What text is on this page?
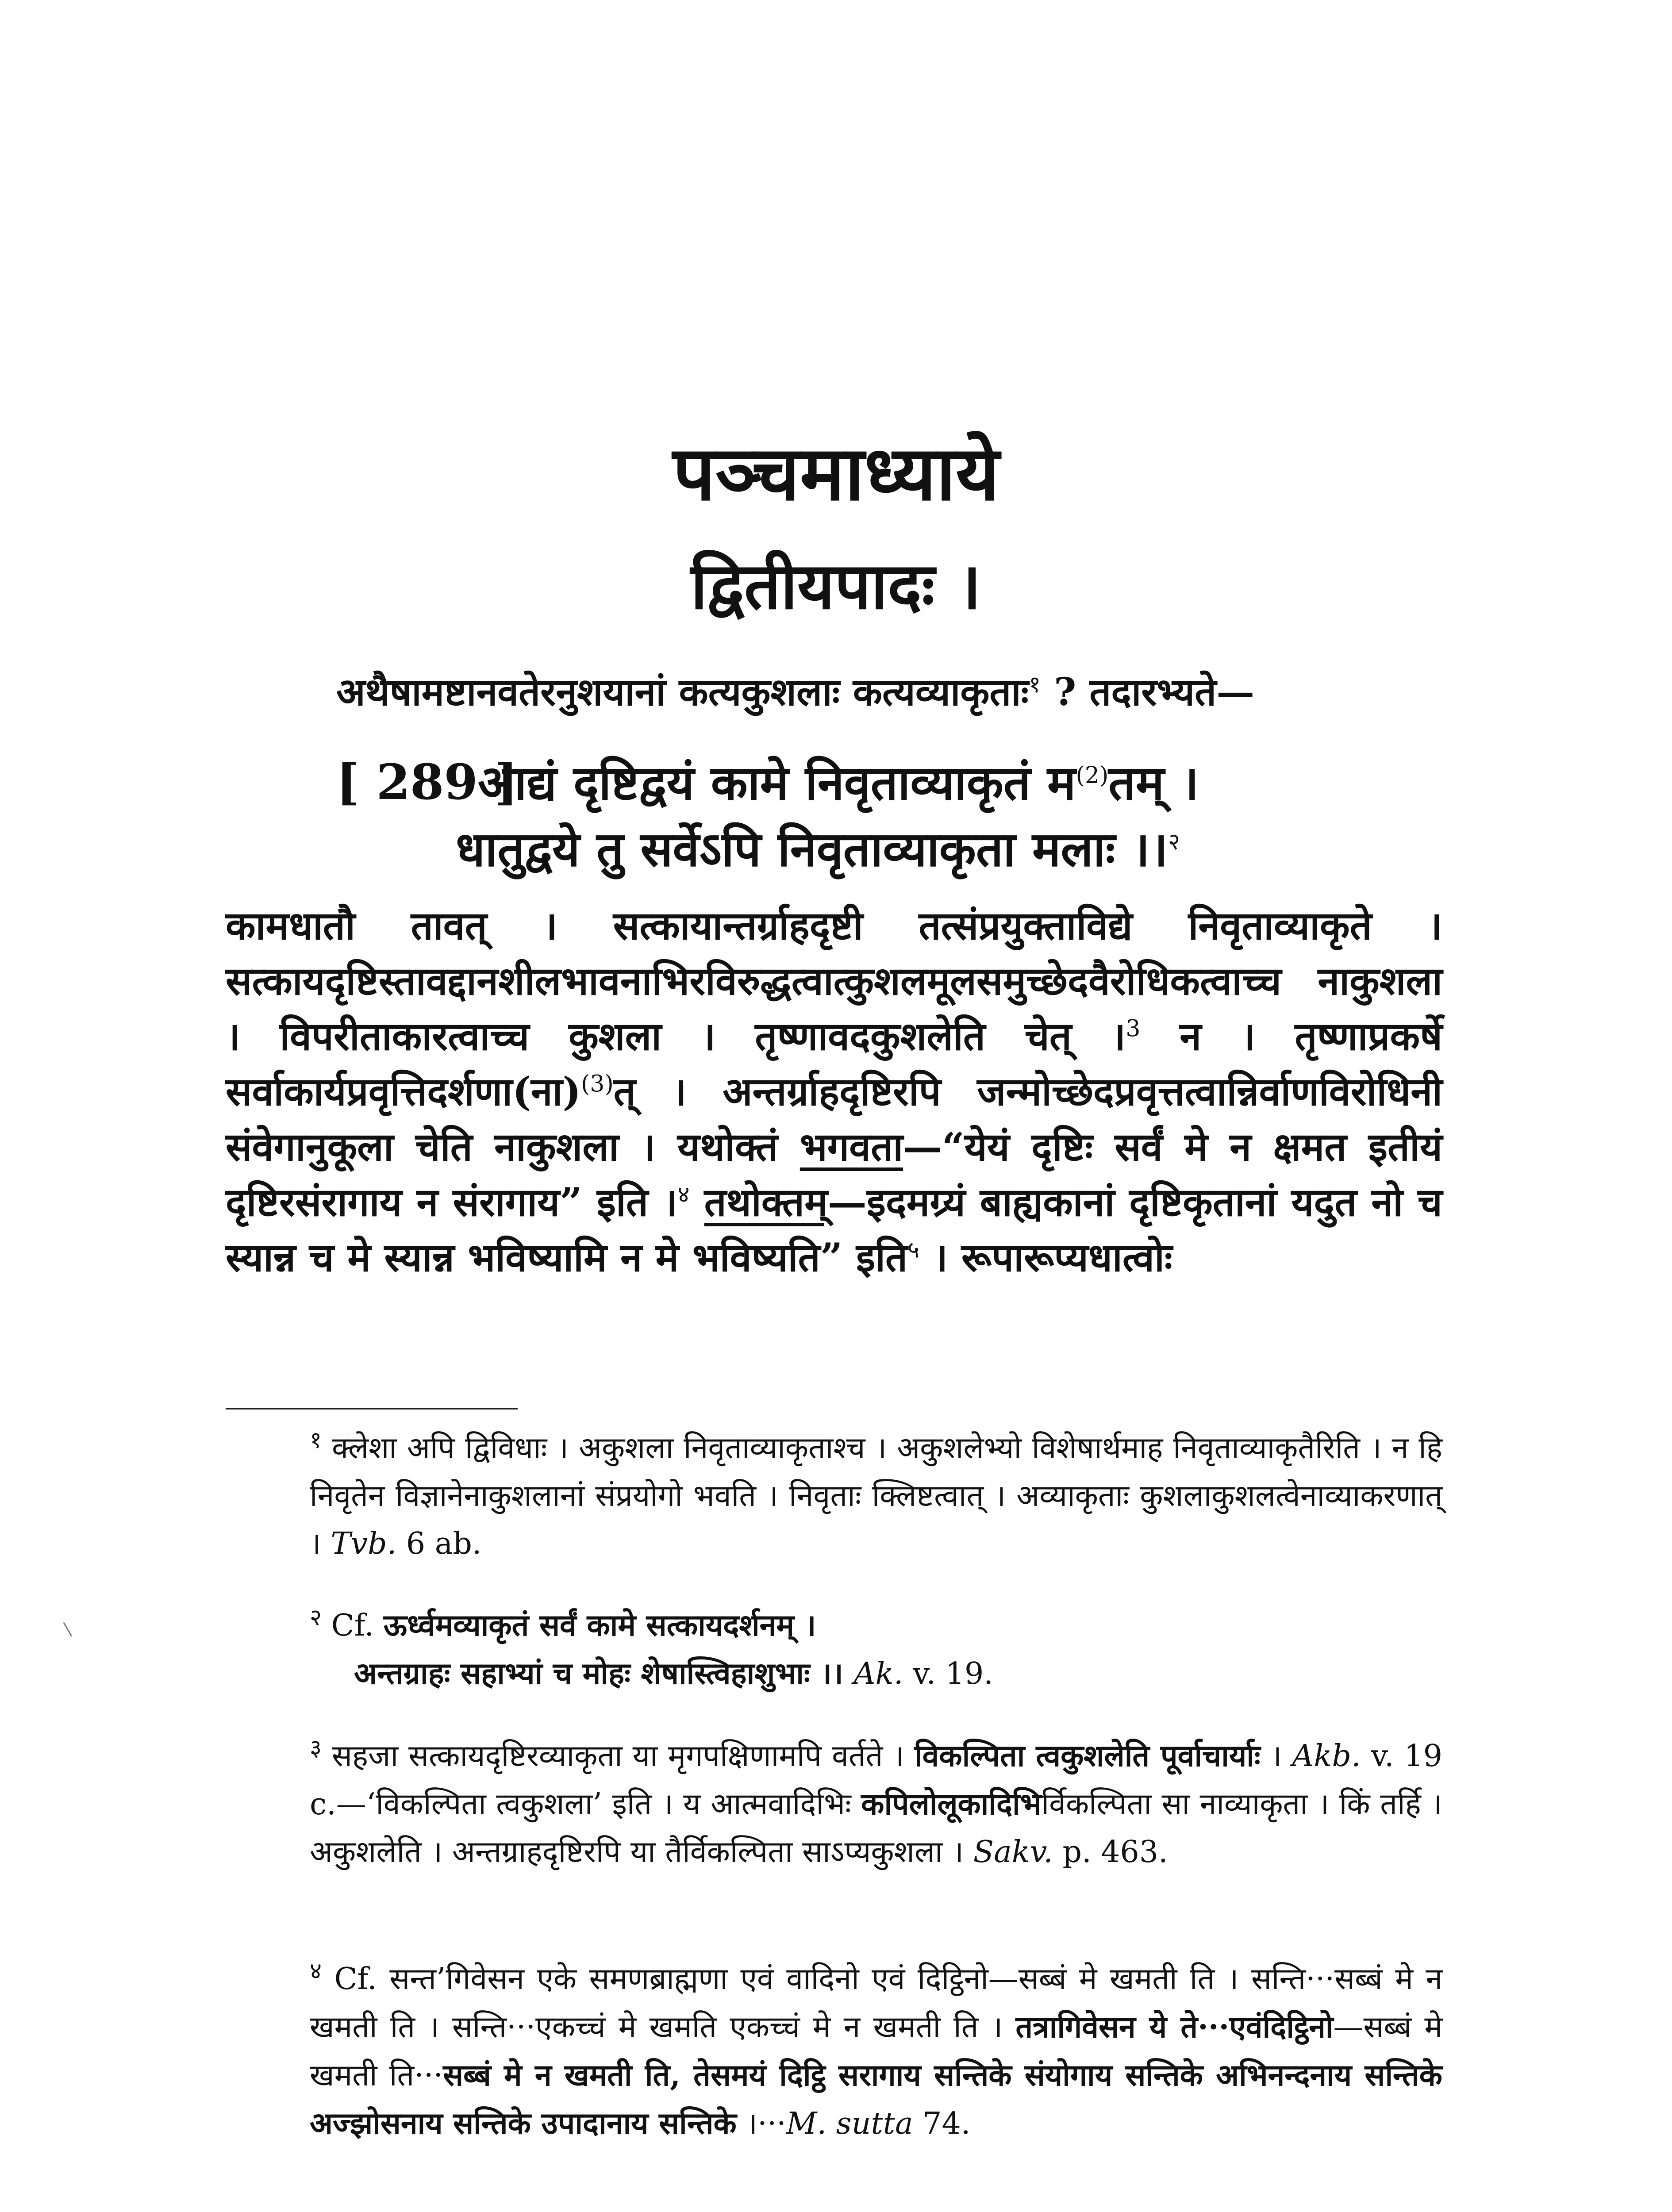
पञ्चमाध्याये
द्वितीयपादः ।
अथैषामष्टानवतेरनुशयानां कत्यकुशलाः कत्यव्याकृताः$^१$ ? तदारभ्यते—
[ 289 ]
आद्यं दृष्टिद्वयं कामे निवृताव्याकृतं म$^{(2)}$तम् ।
धातुद्वये तु सर्वेऽपि निवृताव्याकृता मलाः ।।$^२$

कामधातौ तावत् । सत्कायान्तर्ग्राहदृष्टी तत्संप्रयुक्ताविद्ये निवृताव्याकृते । सत्कायदृष्टिस्तावद्दानशीलभावनाभिरविरुद्धत्वात्कुशलमूलसमुच्छेदवैरोधिकत्वाच्च नाकुशला । विपरीताकारत्वाच्च कुशला । तृष्णावदकुशलेति चेत् ।$^3$ न । तृष्णाप्रकर्षे सर्वाकार्यप्रवृत्तिदर्शणा(ना)$^{(3)}$त् । अन्तर्ग्राहदृष्टिरपि जन्मोच्छेदप्रवृत्तत्वान्निर्वाणविरोधिनी संवेगानुकूला चेति नाकुशला । यथोक्तं भगवता—“येयं दृष्टिः सर्वं मे न क्षमत इतीयं दृष्टिरसंरागाय न संरागाय” इति ।$^४$ तथोक्तम्—इदमग्र्यं बाह्यकानां दृष्टिकृतानां यदुत नो च स्यान्न च मे स्यान्न भविष्यामि न मे भविष्यति” इति$^५$ । रूपारूप्यधात्वोः

$^१$ क्लेशा अपि द्विविधाः । अकुशला निवृताव्याकृताश्च । अकुशलेभ्यो विशेषार्थमाह निवृताव्याकृतैरिति । न हि निवृतेन विज्ञानेनाकुशलानां संप्रयोगो भवति । निवृताः क्लिष्टत्वात् । अव्याकृताः कुशलाकुशलत्वेनाव्याकरणात् । Tvb. 6 ab.

$^२$ Cf. ऊर्ध्वमव्याकृतं सर्वं कामे सत्कायदर्शनम् ।

अन्तग्राहः सहाभ्यां च मोहः शेषास्त्विहाशुभाः ।। Ak. v. 19.

$^३$ सहजा सत्कायदृष्टिरव्याकृता या मृगपक्षिणामपि वर्तते । विकल्पिता त्वकुशलेति पूर्वाचार्याः । Akb. v. 19 c.—‘विकल्पिता त्वकुशला’ इति । य आत्मवादिभिः कपिलोलूकादिभिर्विकल्पिता सा नाव्याकृता । किं तर्हि । अकुशलेति । अन्तग्राहदृष्टिरपि या तैर्विकल्पिता साऽप्यकुशला । Sakv. p. 463.

$^४$ Cf. सन्त’गिवेसन एके समणब्राह्मणा एवं वादिनो एवं दिट्ठिनो—सब्बं मे खमती ति । सन्ति···सब्बं मे न खमती ति । सन्ति···एकच्चं मे खमति एकच्चं मे न खमती ति । तत्रागिवेसन ये ते···एवंदिट्ठिनो—सब्बं मे खमती ति···सब्बं मे न खमती ति, तेसमयं दिट्ठि सरागाय सन्तिके संयोगाय सन्तिके अभिनन्दनाय सन्तिके अज्झोसनाय सन्तिके उपादानाय सन्तिके ।···M. sutta 74.
